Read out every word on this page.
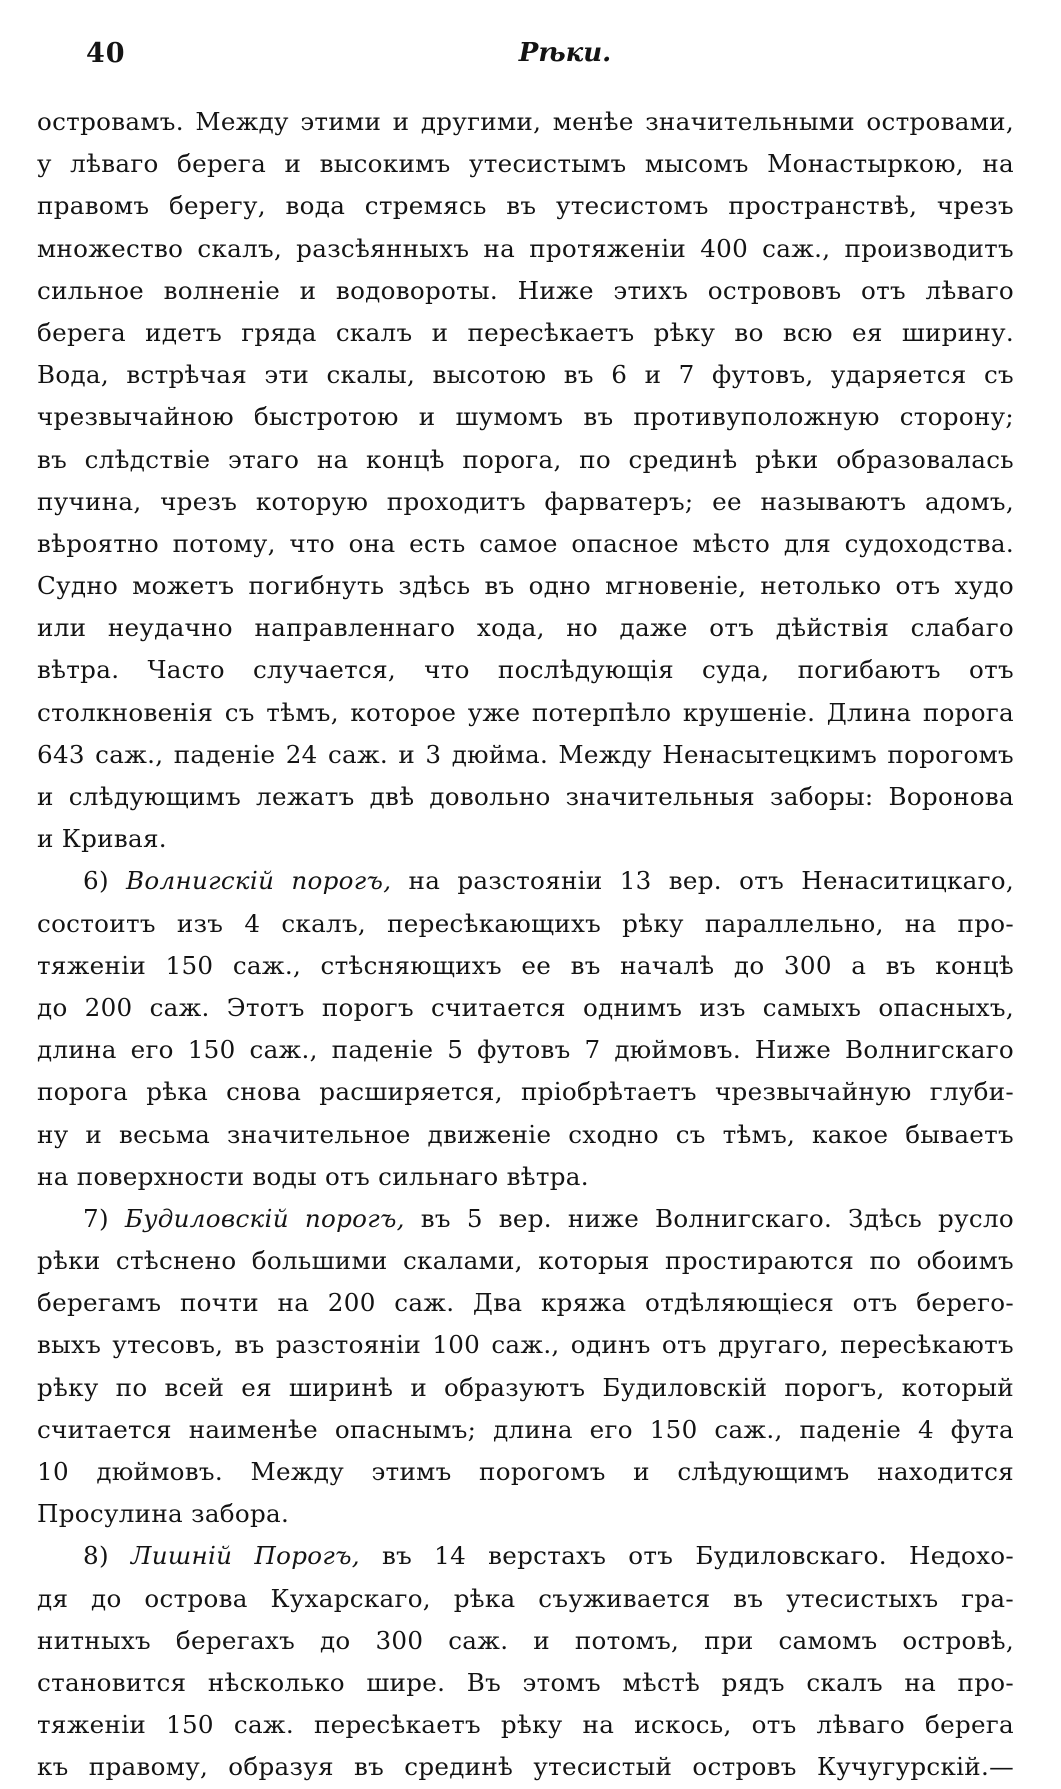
40	Рѣки.
островамъ. Между этими и другими, менѣе значительными островами,
у лѣваго берега и высокимъ утесистымъ мысомъ Монастыркою, на
правомъ берегу, вода стремясь въ утесистомъ пространствѣ, чрезъ
множество скалъ, разсѣянныхъ на протяженіи 400 саж., производитъ
сильное волненіе и водовороты. Ниже этихъ острововъ отъ лѣваго
берега идетъ гряда скалъ и пересѣкаетъ рѣку во всю ея ширину.
Вода, встрѣчая эти скалы, высотою въ 6 и 7 футовъ, ударяется съ
чрезвычайною быстротою и шумомъ въ противуположную сторону;
въ слѣдствіе этаго на концѣ порога, по срединѣ рѣки образовалась
пучина, чрезъ которую проходитъ фарватеръ; ее называютъ адомъ,
вѣроятно потому, что она есть самое опасное мѣсто для судоходства.
Судно можетъ погибнуть здѣсь въ одно мгновеніе, нетолько отъ худо
или неудачно направленнаго хода, но даже отъ дѣйствія слабаго
вѣтра. Часто случается, что послѣдующія суда, погибаютъ отъ
столкновенія съ тѣмъ, которое уже потерпѣло крушеніе. Длина порога
643 саж., паденіе 24 саж. и 3 дюйма. Между Ненасытецкимъ порогомъ
и слѣдующимъ лежатъ двѣ довольно значительныя заборы: Воронова
и Кривая.
6) Волнигскій порогъ, на разстояніи 13 вер. отъ Ненаситицкаго,
состоитъ изъ 4 скалъ, пересѣкающихъ рѣку параллельно, на про-
тяженіи 150 саж., стѣсняющихъ ее въ началѣ до 300 а въ концѣ
до 200 саж. Этотъ порогъ считается однимъ изъ самыхъ опасныхъ,
длина его 150 саж., паденіе 5 футовъ 7 дюймовъ. Ниже Волнигскаго
порога рѣка снова расширяется, пріобрѣтаетъ чрезвычайную глуби-
ну и весьма значительное движеніе сходно съ тѣмъ, какое бываетъ
на поверхности воды отъ сильнаго вѣтра.
7) Будиловскій порогъ, въ 5 вер. ниже Волнигскаго. Здѣсь русло
рѣки стѣснено большими скалами, которыя простираются по обоимъ
берегамъ почти на 200 саж. Два кряжа отдѣляющіеся отъ берего-
выхъ утесовъ, въ разстояніи 100 саж., одинъ отъ другаго, пересѣкаютъ
рѣку по всей ея ширинѣ и образуютъ Будиловскій порогъ, который
считается наименѣе опаснымъ; длина его 150 саж., паденіе 4 фута
10 дюймовъ. Между этимъ порогомъ и слѣдующимъ находится
Просулина забора.
8) Лишній Порогъ, въ 14 верстахъ отъ Будиловскаго. Недохо-
дя до острова Кухарскаго, рѣка съуживается въ утесистыхъ гра-
нитныхъ берегахъ до 300 саж. и потомъ, при самомъ островѣ,
становится нѣсколько шире. Въ этомъ мѣстѣ рядъ скалъ на про-
тяженіи 150 саж. пересѣкаетъ рѣку на искось, отъ лѣваго берега
къ правому, образуя въ срединѣ утесистый островъ Кучугурскій.—
